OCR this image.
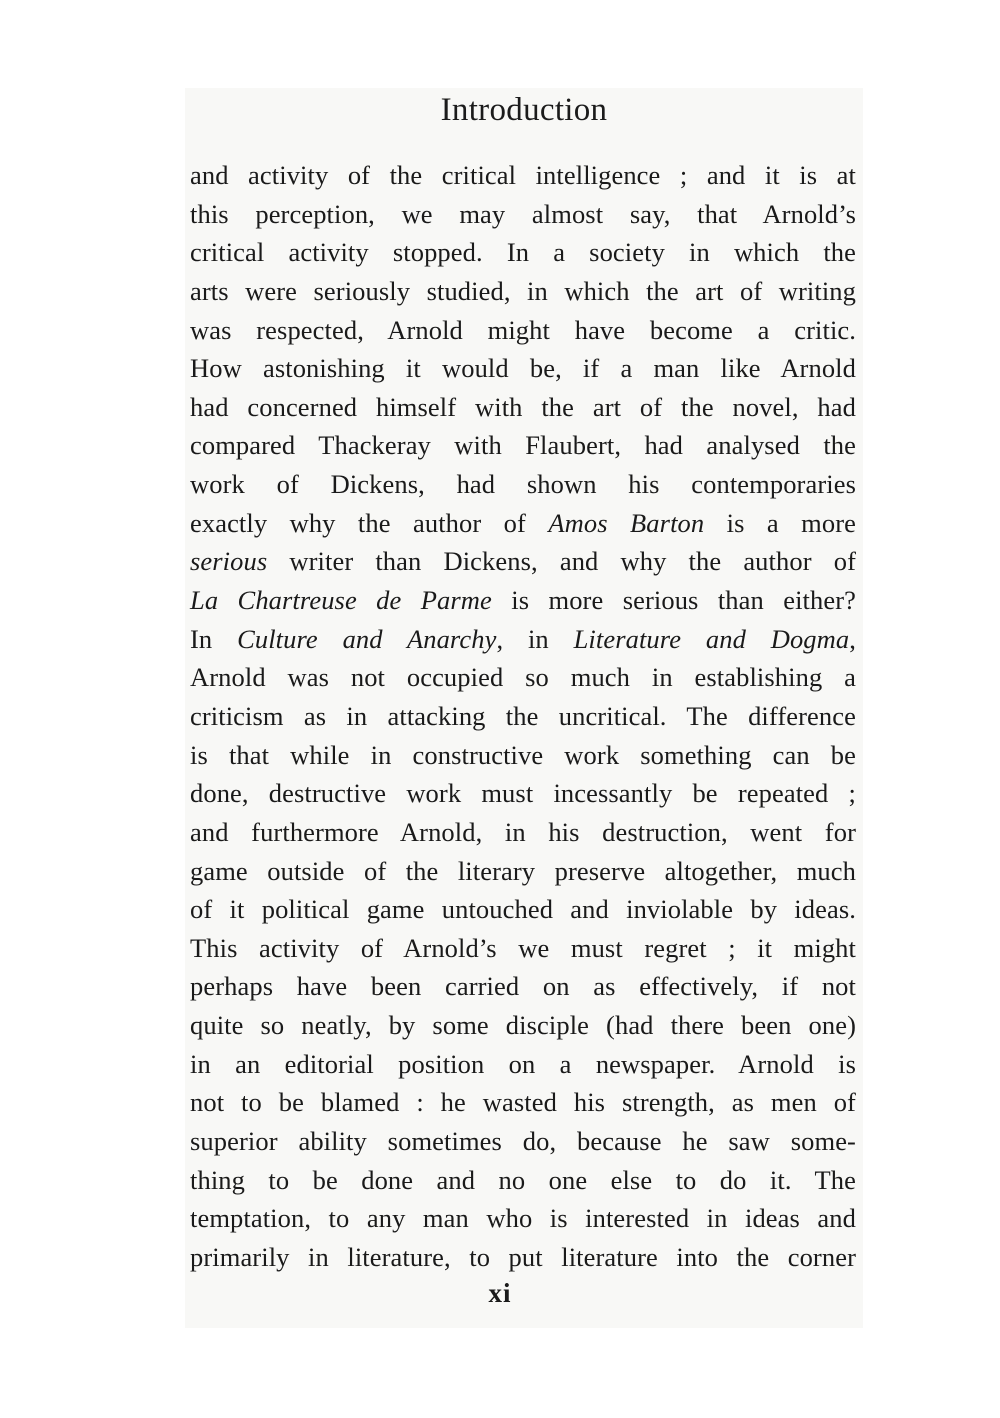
Introduction
and activity of the critical intelligence ; and it is at
this perception, we may almost say, that Arnold’s
critical activity stopped. In a society in which the
arts were seriously studied, in which the art of writing
was respected, Arnold might have become a critic.
How astonishing it would be, if a man like Arnold
had concerned himself with the art of the novel, had
compared Thackeray with Flaubert, had analysed the
work of Dickens, had shown his contemporaries
exactly why the author of Amos Barton is a more
serious writer than Dickens, and why the author of
La Chartreuse de Parme is more serious than either?
In Culture and Anarchy, in Literature and Dogma,
Arnold was not occupied so much in establishing a
criticism as in attacking the uncritical. The difference
is that while in constructive work something can be
done, destructive work must incessantly be repeated ;
and furthermore Arnold, in his destruction, went for
game outside of the literary preserve altogether, much
of it political game untouched and inviolable by ideas.
This activity of Arnold’s we must regret ; it might
perhaps have been carried on as effectively, if not
quite so neatly, by some disciple (had there been one)
in an editorial position on a newspaper. Arnold is
not to be blamed : he wasted his strength, as men of
superior ability sometimes do, because he saw some-
thing to be done and no one else to do it. The
temptation, to any man who is interested in ideas and
primarily in literature, to put literature into the corner
xi
